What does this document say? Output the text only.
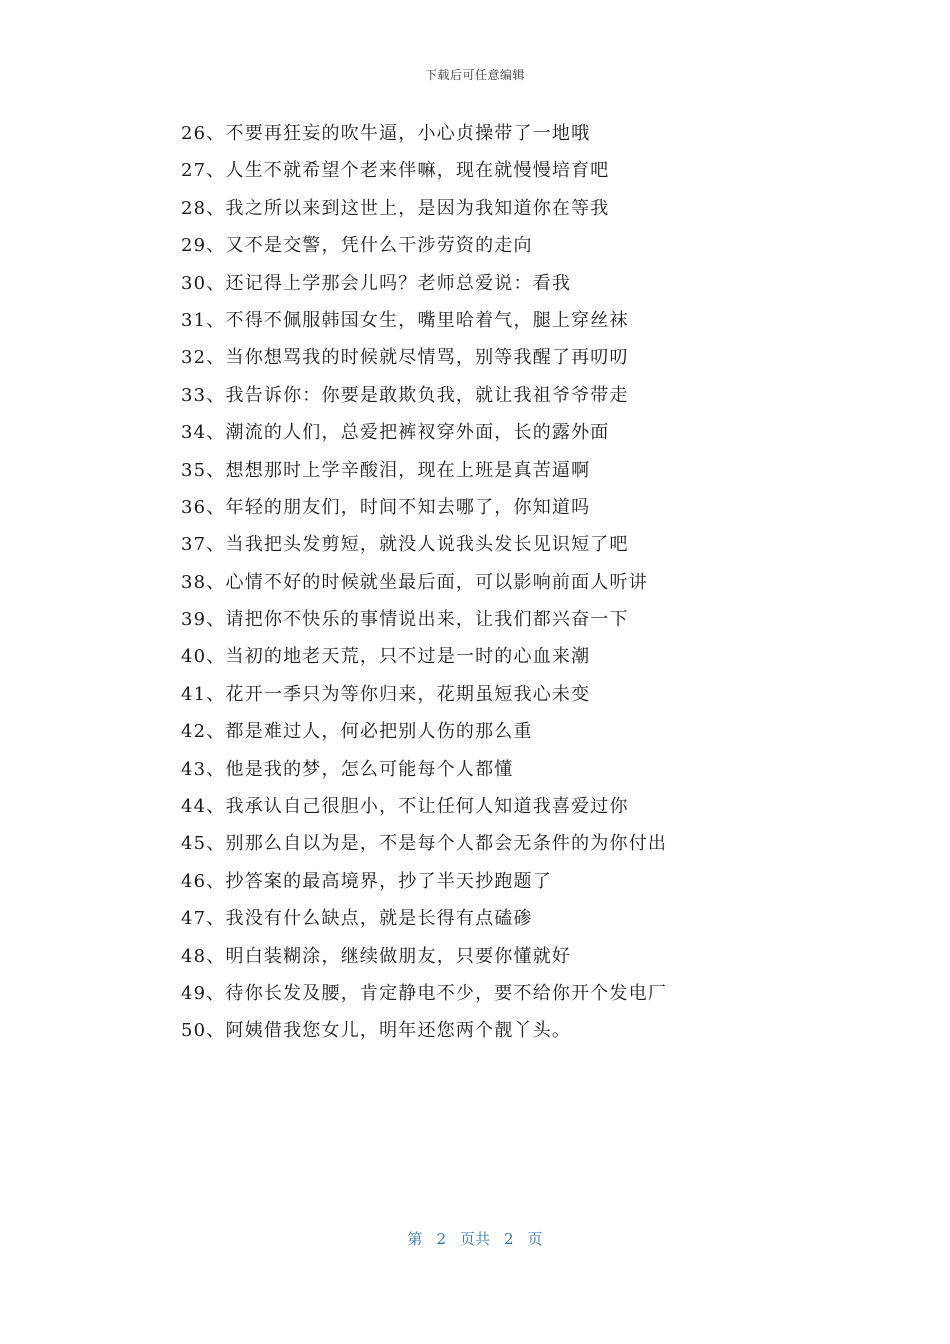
下载后可任意编辑
26、不要再狂妄的吹牛逼，小心贞操带了一地哦
27、人生不就希望个老来伴嘛，现在就慢慢培育吧
28、我之所以来到这世上，是因为我知道你在等我
29、又不是交警，凭什么干涉劳资的走向
30、还记得上学那会儿吗？老师总爱说：看我
31、不得不佩服韩国女生，嘴里哈着气，腿上穿丝袜
32、当你想骂我的时候就尽情骂，别等我醒了再叨叨
33、我告诉你：你要是敢欺负我，就让我祖爷爷带走
34、潮流的人们，总爱把裤衩穿外面，长的露外面
35、想想那时上学辛酸泪，现在上班是真苦逼啊
36、年轻的朋友们，时间不知去哪了，你知道吗
37、当我把头发剪短，就没人说我头发长见识短了吧
38、心情不好的时候就坐最后面，可以影响前面人听讲
39、请把你不快乐的事情说出来，让我们都兴奋一下
40、当初的地老天荒，只不过是一时的心血来潮
41、花开一季只为等你归来，花期虽短我心未变
42、都是难过人，何必把别人伤的那么重
43、他是我的梦，怎么可能每个人都懂
44、我承认自己很胆小，不让任何人知道我喜爱过你
45、别那么自以为是，不是每个人都会无条件的为你付出
46、抄答案的最高境界，抄了半天抄跑题了
47、我没有什么缺点，就是长得有点磕碜
48、明白装糊涂，继续做朋友，只要你懂就好
49、待你长发及腰，肯定静电不少，要不给你开个发电厂
50、阿姨借我您女儿，明年还您两个靓丫头。
第 2 页共 2 页
